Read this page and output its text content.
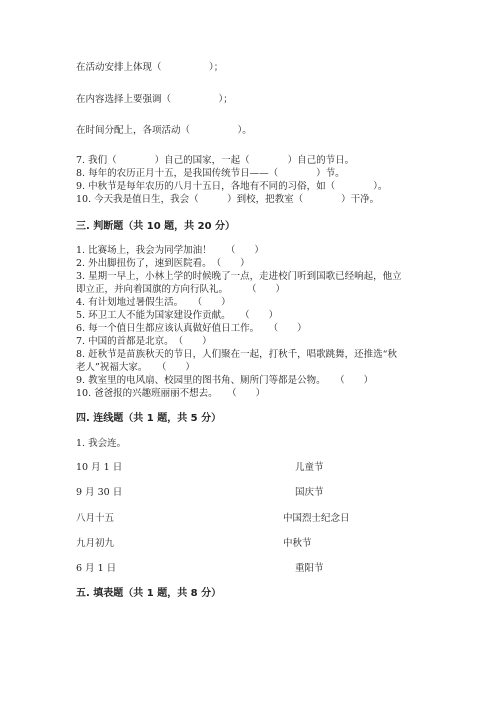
在活动安排上体现（　　　　　）；
在内容选择上要强调（　　　　　）；
在时间分配上，各项活动（　　　　　）。
7. 我们（　　　　）自己的国家，一起（　　　　）自己的节日。
8. 每年的农历正月十五，是我国传统节日——（　　　　）节。
9. 中秋节是每年农历的八月十五日，各地有不同的习俗，如（　　　　）。
10. 今天我是值日生，我会（　　　）到校，把教室（　　　　）干净。
三. 判断题（共 10 题，共 20 分）
1. 比赛场上，我会为同学加油！　　（　　）
2. 外出脚扭伤了，速到医院看。　（　　）
3. 星期一早上，小林上学的时候晚了一点，走进校门听到国歌已经响起，他立
即立正，并向着国旗的方向行队礼。　　　（　　）
4. 有计划地过暑假生活。　　（　　）
5. 环卫工人不能为国家建设作贡献。　　（　　）
6. 每一个值日生都应该认真做好值日工作。　　（　　）
7. 中国的首都是北京。　（　　）
8. 赶秋节是苗族秋天的节日，人们聚在一起，打秋千，唱歌跳舞，还推选“秋
老人”祝福大家。　　（　　）
9. 教室里的电风扇、校园里的图书角、厕所门等都是公物。　　（　　）
10. 爸爸报的兴趣班丽丽不想去。　　（　　）
四. 连线题（共 1 题，共 5 分）
1. 我会连。
10 月 1 日
9 月 30 日
八月十五
九月初九
6 月 1 日
儿童节
国庆节
中国烈士纪念日
中秋节
重阳节
五. 填表题（共 1 题，共 8 分）
